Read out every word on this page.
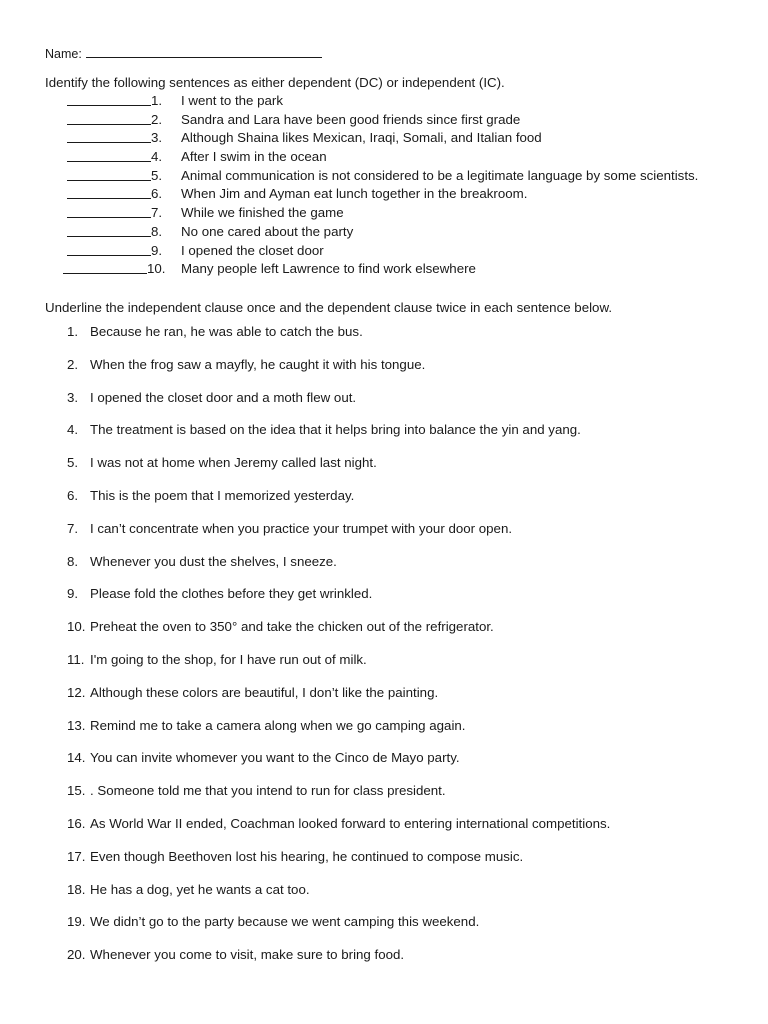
Name:
Identify the following sentences as either dependent (DC) or independent (IC).
1. I went to the park
2. Sandra and Lara have been good friends since first grade
3. Although Shaina likes Mexican, Iraqi, Somali, and Italian food
4. After I swim in the ocean
5. Animal communication is not considered to be a legitimate language by some scientists.
6. When Jim and Ayman eat lunch together in the breakroom.
7. While we finished the game
8. No one cared about the party
9. I opened the closet door
10. Many people left Lawrence to find work elsewhere
Underline the independent clause once and the dependent clause twice in each sentence below.
1. Because he ran, he was able to catch the bus.
2. When the frog saw a mayfly, he caught it with his tongue.
3. I opened the closet door and a moth flew out.
4. The treatment is based on the idea that it helps bring into balance the yin and yang.
5. I was not at home when Jeremy called last night.
6. This is the poem that I memorized yesterday.
7. I can’t concentrate when you practice your trumpet with your door open.
8. Whenever you dust the shelves, I sneeze.
9. Please fold the clothes before they get wrinkled.
10. Preheat the oven to 350° and take the chicken out of the refrigerator.
11. I'm going to the shop, for I have run out of milk.
12. Although these colors are beautiful, I don’t like the painting.
13. Remind me to take a camera along when we go camping again.
14. You can invite whomever you want to the Cinco de Mayo party.
15. . Someone told me that you intend to run for class president.
16. As World War II ended, Coachman looked forward to entering international competitions.
17. Even though Beethoven lost his hearing, he continued to compose music.
18. He has a dog, yet he wants a cat too.
19. We didn’t go to the party because we went camping this weekend.
20. Whenever you come to visit, make sure to bring food.
